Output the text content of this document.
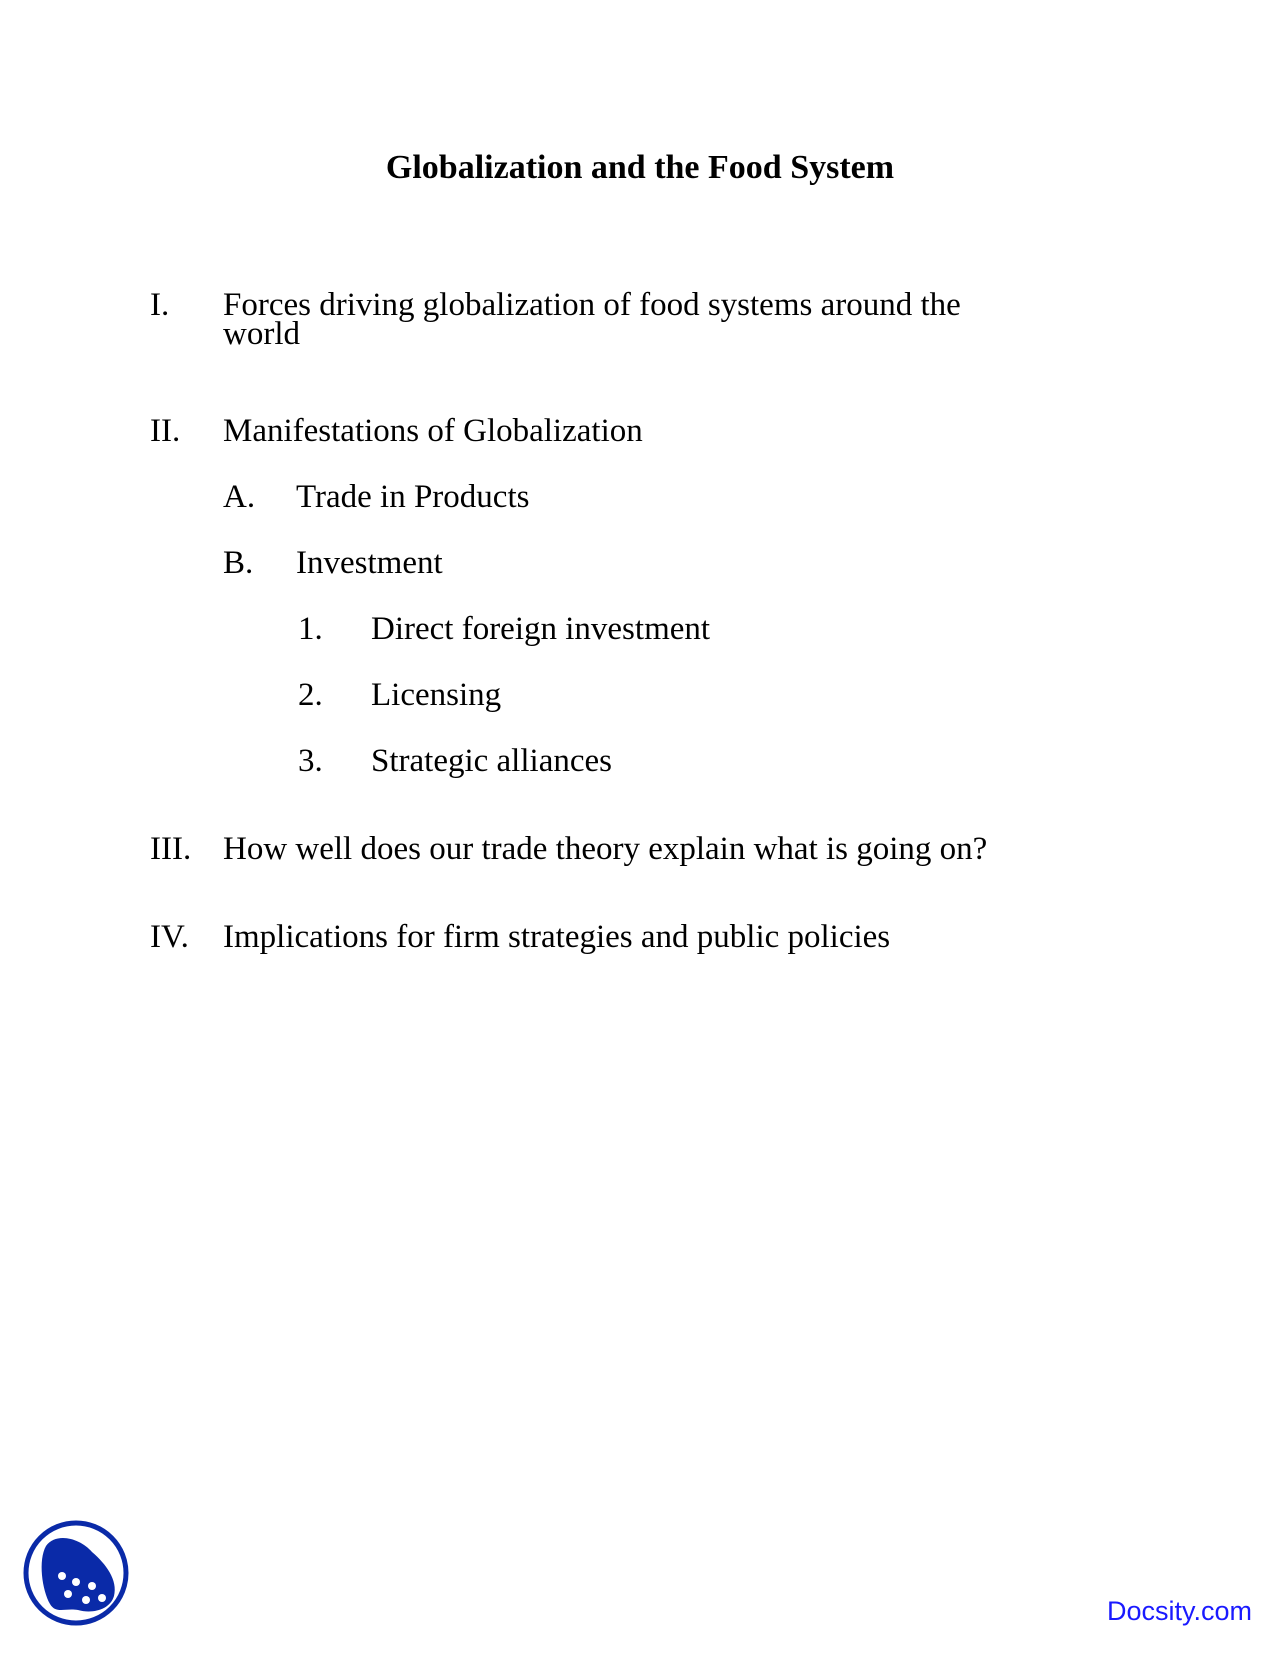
Globalization and the Food System
I. Forces driving globalization of food systems around the
world
II. Manifestations of Globalization
A. Trade in Products
B. Investment
1. Direct foreign investment
2. Licensing
3. Strategic alliances
III. How well does our trade theory explain what is going on?
IV. Implications for firm strategies and public policies
Docsity.com
